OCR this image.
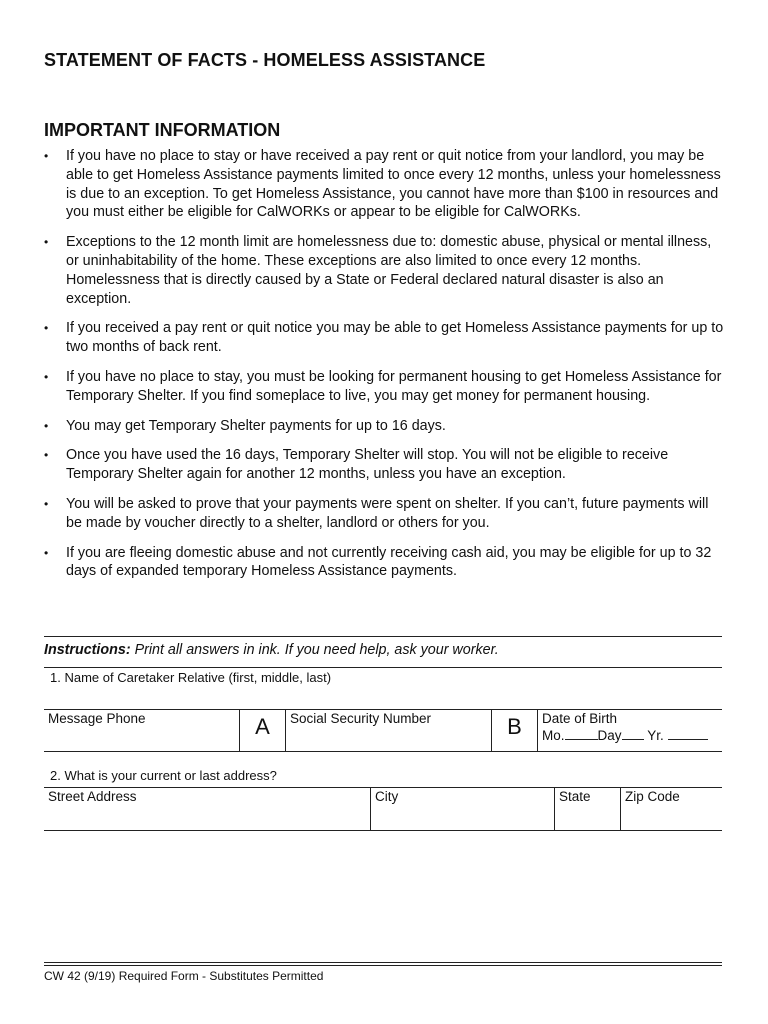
STATEMENT OF FACTS - HOMELESS ASSISTANCE
IMPORTANT INFORMATION
• If you have no place to stay or have received a pay rent or quit notice from your landlord, you may be able to get Homeless Assistance payments limited to once every 12 months, unless your homelessness is due to an exception. To get Homeless Assistance, you cannot have more than $100 in resources and you must either be eligible for CalWORKs or appear to be eligible for CalWORKs.
• Exceptions to the 12 month limit are homelessness due to: domestic abuse, physical or mental illness, or uninhabitability of the home. These exceptions are also limited to once every 12 months. Homelessness that is directly caused by a State or Federal declared natural disaster is also an exception.
• If you received a pay rent or quit notice you may be able to get Homeless Assistance payments for up to two months of back rent.
• If you have no place to stay, you must be looking for permanent housing to get Homeless Assistance for Temporary Shelter. If you find someplace to live, you may get money for permanent housing.
• You may get Temporary Shelter payments for up to 16 days.
• Once you have used the 16 days, Temporary Shelter will stop. You will not be eligible to receive Temporary Shelter again for another 12 months, unless you have an exception.
• You will be asked to prove that your payments were spent on shelter. If you can’t, future payments will be made by voucher directly to a shelter, landlord or others for you.
• If you are fleeing domestic abuse and not currently receiving cash aid, you may be eligible for up to 32 days of expanded temporary Homeless Assistance payments.
Instructions: Print all answers in ink. If you need help, ask your worker.
1. Name of Caretaker Relative (first, middle, last)
Message Phone	A	Social Security Number	B	Date of Birth
Mo. Day Yr.
2. What is your current or last address?
Street Address	City	State	Zip Code
CW 42 (9/19) Required Form - Substitutes Permitted
